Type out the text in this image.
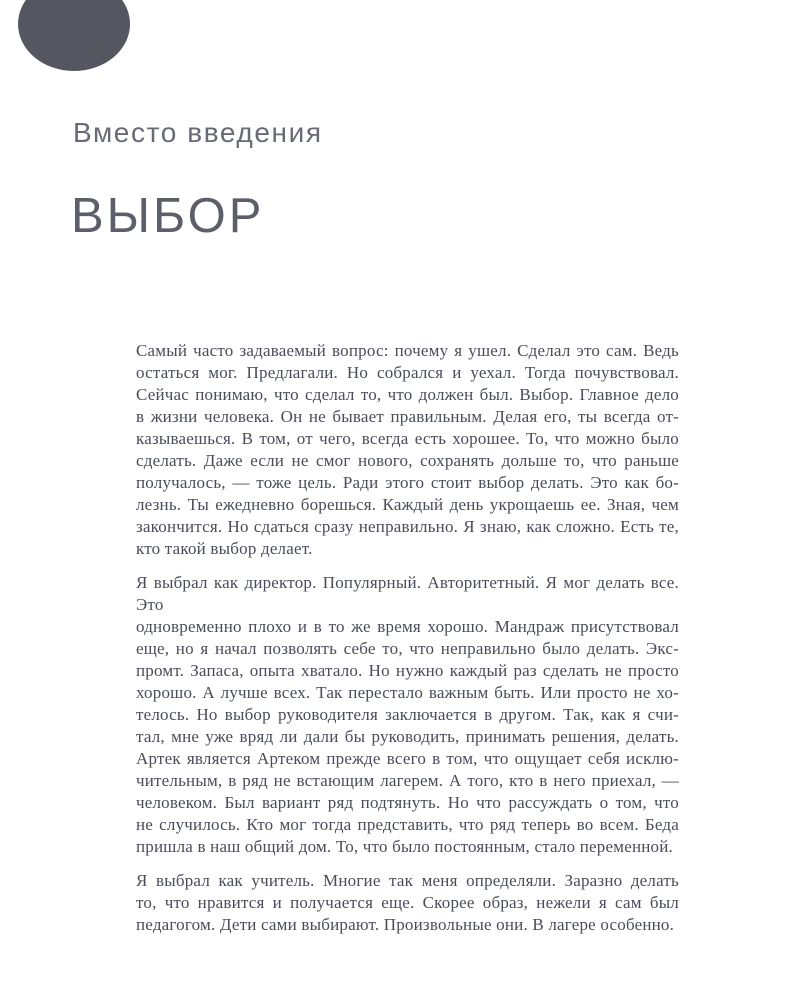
Вместо введения
ВЫБОР
Самый часто задаваемый вопрос: почему я ушел. Сделал это сам. Ведь
остаться мог. Предлагали. Но собрался и уехал. Тогда почувствовал.
Сейчас понимаю, что сделал то, что должен был. Выбор. Главное дело
в жизни человека. Он не бывает правильным. Делая его, ты всегда от-
казываешься. В том, от чего, всегда есть хорошее. То, что можно было
сделать. Даже если не смог нового, сохранять дольше то, что раньше
получалось, — тоже цель. Ради этого стоит выбор делать. Это как бо-
лезнь. Ты ежедневно борешься. Каждый день укрощаешь ее. Зная, чем
закончится. Но сдаться сразу неправильно. Я знаю, как сложно. Есть те,
кто такой выбор делает.
Я выбрал как директор. Популярный. Авторитетный. Я мог делать все. Это
одновременно плохо и в то же время хорошо. Мандраж присутствовал
еще, но я начал позволять себе то, что неправильно было делать. Экс-
промт. Запаса, опыта хватало. Но нужно каждый раз сделать не просто
хорошо. А лучше всех. Так перестало важным быть. Или просто не хо-
телось. Но выбор руководителя заключается в другом. Так, как я счи-
тал, мне уже вряд ли дали бы руководить, принимать решения, делать.
Артек является Артеком прежде всего в том, что ощущает себя исклю-
чительным, в ряд не встающим лагерем. А того, кто в него приехал, —
человеком. Был вариант ряд подтянуть. Но что рассуждать о том, что
не случилось. Кто мог тогда представить, что ряд теперь во всем. Беда
пришла в наш общий дом. То, что было постоянным, стало переменной.
Я выбрал как учитель. Многие так меня определяли. Заразно делать
то, что нравится и получается еще. Скорее образ, нежели я сам был
педагогом. Дети сами выбирают. Произвольные они. В лагере особенно.
